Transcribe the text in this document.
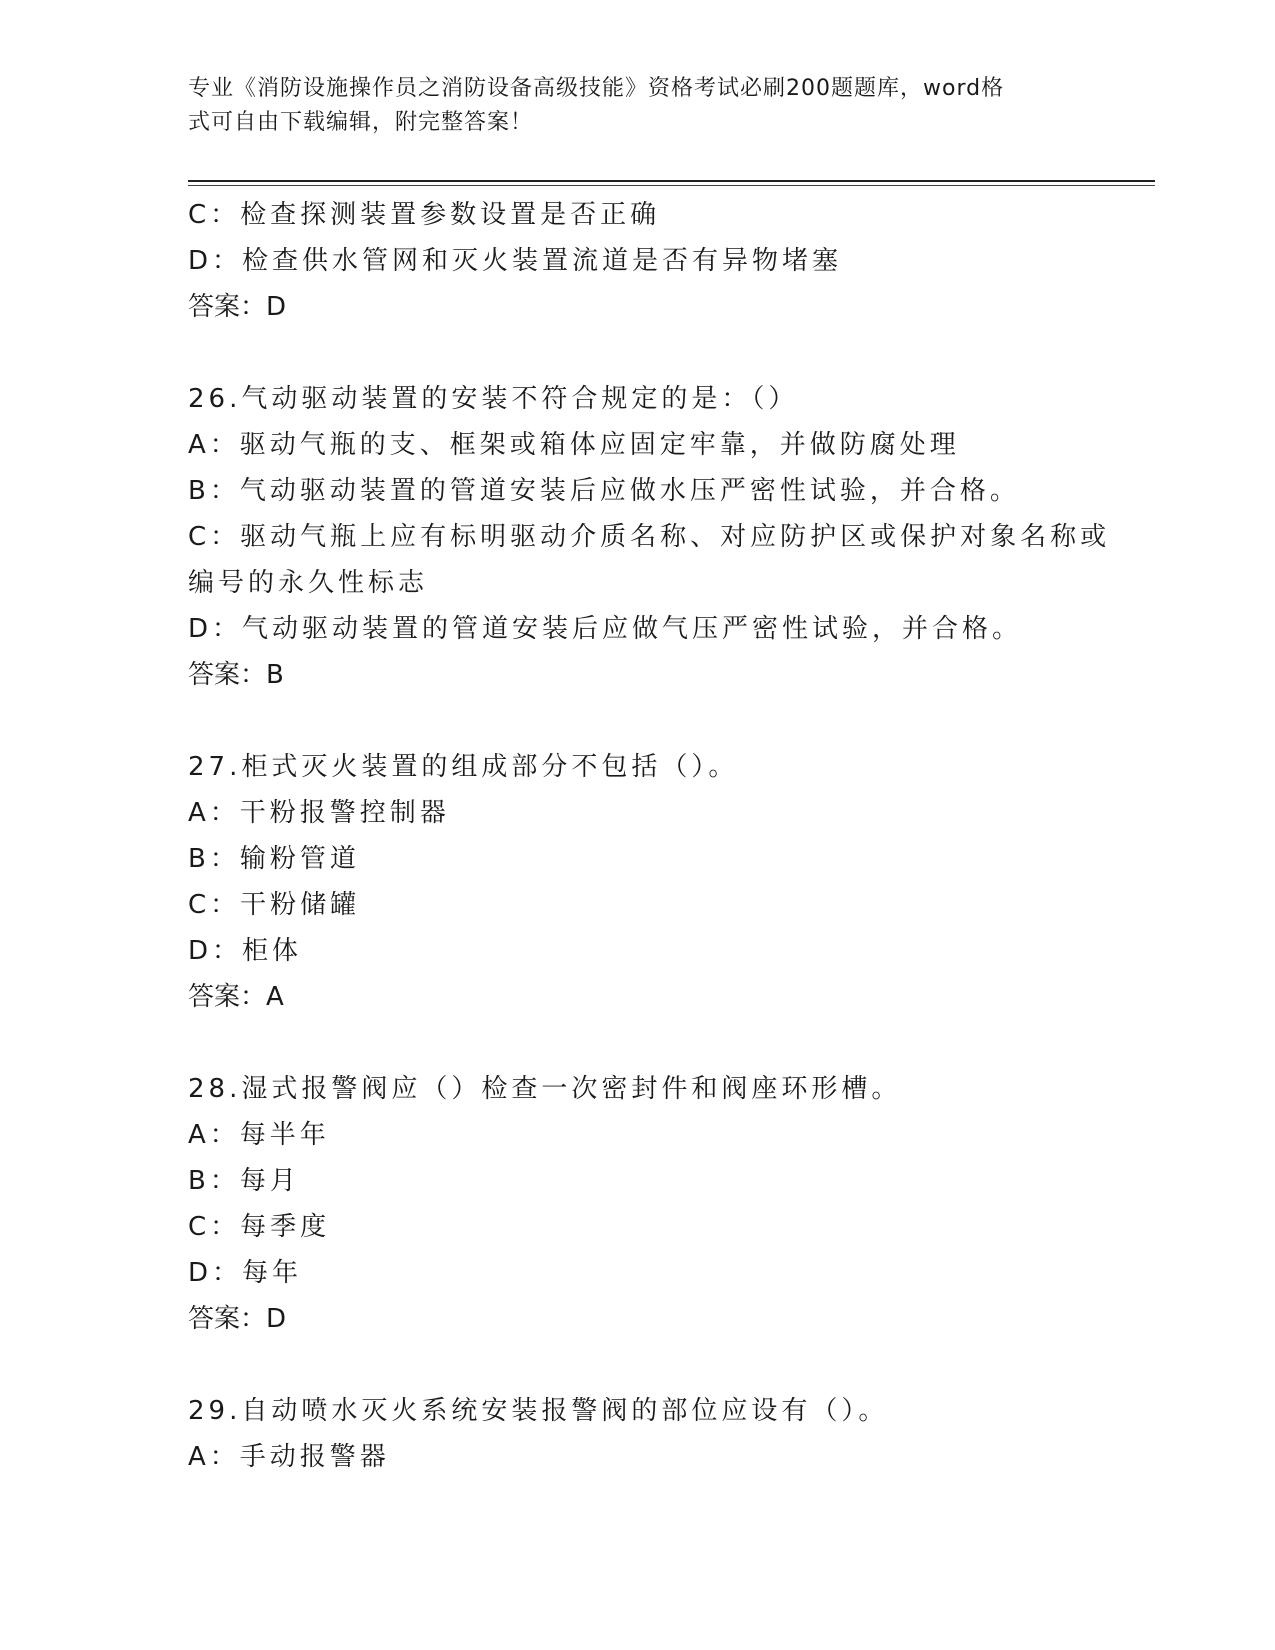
专业《消防设施操作员之消防设备高级技能》资格考试必刷200题题库，word格
式可自由下载编辑，附完整答案！

C：检查探测装置参数设置是否正确

D：检查供水管网和灭火装置流道是否有异物堵塞

答案：D

26.气动驱动装置的安装不符合规定的是：（）

A：驱动气瓶的支、框架或箱体应固定牢靠，并做防腐处理

B：气动驱动装置的管道安装后应做水压严密性试验，并合格。

C：驱动气瓶上应有标明驱动介质名称、对应防护区或保护对象名称或

编号的永久性标志

D：气动驱动装置的管道安装后应做气压严密性试验，并合格。

答案：B

27.柜式灭火装置的组成部分不包括（）。

A：干粉报警控制器

B：输粉管道

C：干粉储罐

D：柜体

答案：A

28.湿式报警阀应（）检查一次密封件和阀座环形槽。

A：每半年

B：每月

C：每季度

D：每年

答案：D

29.自动喷水灭火系统安装报警阀的部位应设有（）。

A：手动报警器
